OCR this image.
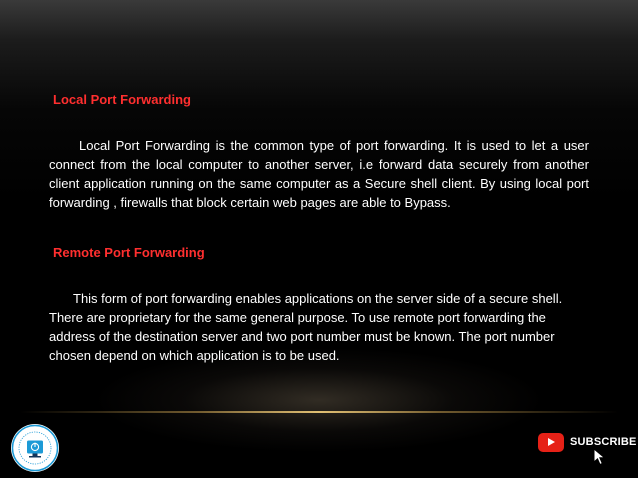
Local Port Forwarding

Local Port Forwarding is the common type of port forwarding. It is used to let a user connect from the local computer to another server, i.e forward data securely from another client application running on the same computer as a Secure shell client. By using local port forwarding , firewalls that block certain web pages are able to Bypass.

Remote Port Forwarding

This form of port forwarding enables applications on the server side of a secure shell. There are proprietary for the same general purpose. To use remote port forwarding the address of the destination server and two port number must be known. The port number chosen depend on which application is to be used.

SUBSCRIBE
